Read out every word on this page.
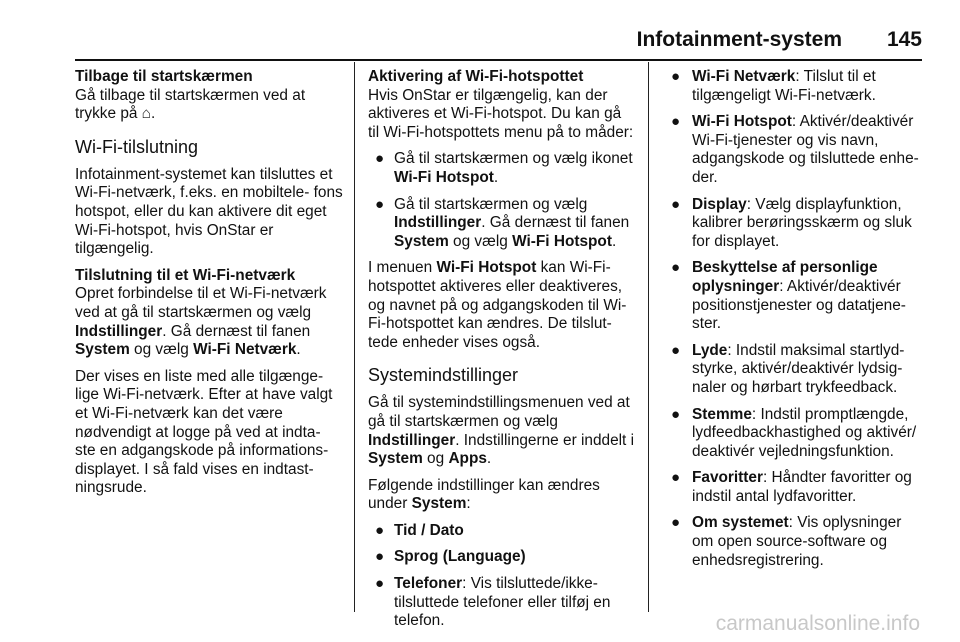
Infotainment-system 145

Tilbage til startskærmen

Gå tilbage til startskærmen ved at trykke på ⌂.

Wi-Fi-tilslutning

Infotainment-systemet kan tilsluttes et Wi-Fi-netværk, f.eks. en mobiltele- fons hotspot, eller du kan aktivere dit eget Wi-Fi-hotspot, hvis OnStar er tilgængelig.

Tilslutning til et Wi-Fi-netværk

Opret forbindelse til et Wi-Fi-netværk ved at gå til startskærmen og vælg Indstillinger. Gå dernæst til fanen System og vælg Wi-Fi Netværk.

Der vises en liste med alle tilgænge- lige Wi-Fi-netværk. Efter at have valgt et Wi-Fi-netværk kan det være nødvendigt at logge på ved at indta- ste en adgangskode på informations- displayet. I så fald vises en indtast- ningsrude.

Aktivering af Wi-Fi-hotspottet

Hvis OnStar er tilgængelig, kan der aktiveres et Wi-Fi-hotspot. Du kan gå til Wi-Fi-hotspottets menu på to måder:

● Gå til startskærmen og vælg ikonet Wi-Fi Hotspot.
● Gå til startskærmen og vælg Indstillinger. Gå dernæst til fanen System og vælg Wi-Fi Hotspot.

I menuen Wi-Fi Hotspot kan Wi-Fi- hotspottet aktiveres eller deaktiveres, og navnet på og adgangskoden til Wi- Fi-hotspottet kan ændres. De tilslut- tede enheder vises også.

Systemindstillinger

Gå til systemindstillingsmenuen ved at gå til startskærmen og vælg Indstillinger. Indstillingerne er inddelt i System og Apps.

Følgende indstillinger kan ændres under System:

● Tid / Dato
● Sprog (Language)
● Telefoner: Vis tilsluttede/ikke- tilsluttede telefoner eller tilføj en telefon.
● Wi-Fi Netværk: Tilslut til et tilgængeligt Wi-Fi-netværk.
● Wi-Fi Hotspot: Aktivér/deaktivér Wi-Fi-tjenester og vis navn, adgangskode og tilsluttede enhe- der.
● Display: Vælg displayfunktion, kalibrer berøringsskærm og sluk for displayet.
● Beskyttelse af personlige oplysninger: Aktivér/deaktivér positionstjenester og datatjene- ster.
● Lyde: Indstil maksimal startlyd- styrke, aktivér/deaktivér lydsig- naler og hørbart trykfeedback.
● Stemme: Indstil promptlængde, lydfeedbackhastighed og aktivér/ deaktivér vejledningsfunktion.
● Favoritter: Håndter favoritter og indstil antal lydfavoritter.
● Om systemet: Vis oplysninger om open source-software og enhedsregistrering.
carmanualsonline.info
